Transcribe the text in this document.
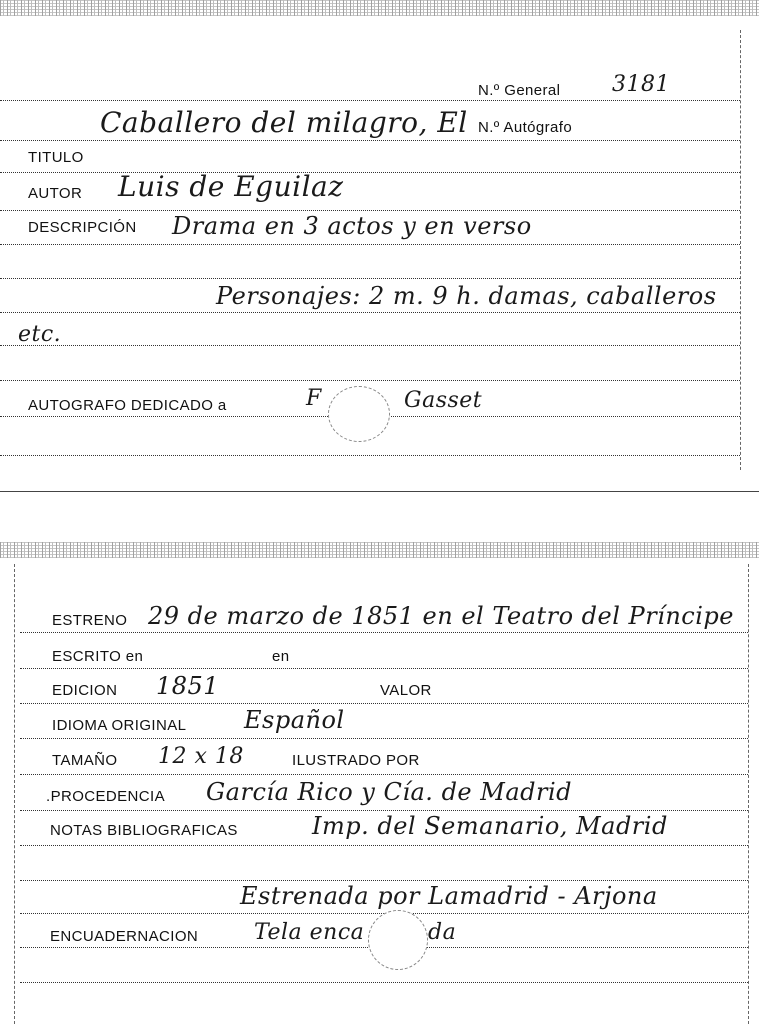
N.º General 3181
Caballero del milagro, El N.º Autógrafo
TITULO
AUTOR Luis de Eguilaz
DESCRIPCIÓN Drama en 3 actos y en verso
Personajes: 2 m. 9 h. damas, caballeros
etc.
AUTOGRAFO DEDICADO a	F	Gasset
ESTRENO 29 de marzo de 1851 en el Teatro del Príncipe
ESCRITO en	en
EDICION 1851	VALOR
IDIOMA ORIGINAL Español
TAMAÑO 12 x 18	ILUSTRADO POR
.PROCEDENCIA García Rico y Cía. de Madrid
NOTAS BIBLIOGRAFICAS	Imp. del Semanario, Madrid
Estrenada por Lamadrid - Arjona
ENCUADERNACION	Tela enca	da
